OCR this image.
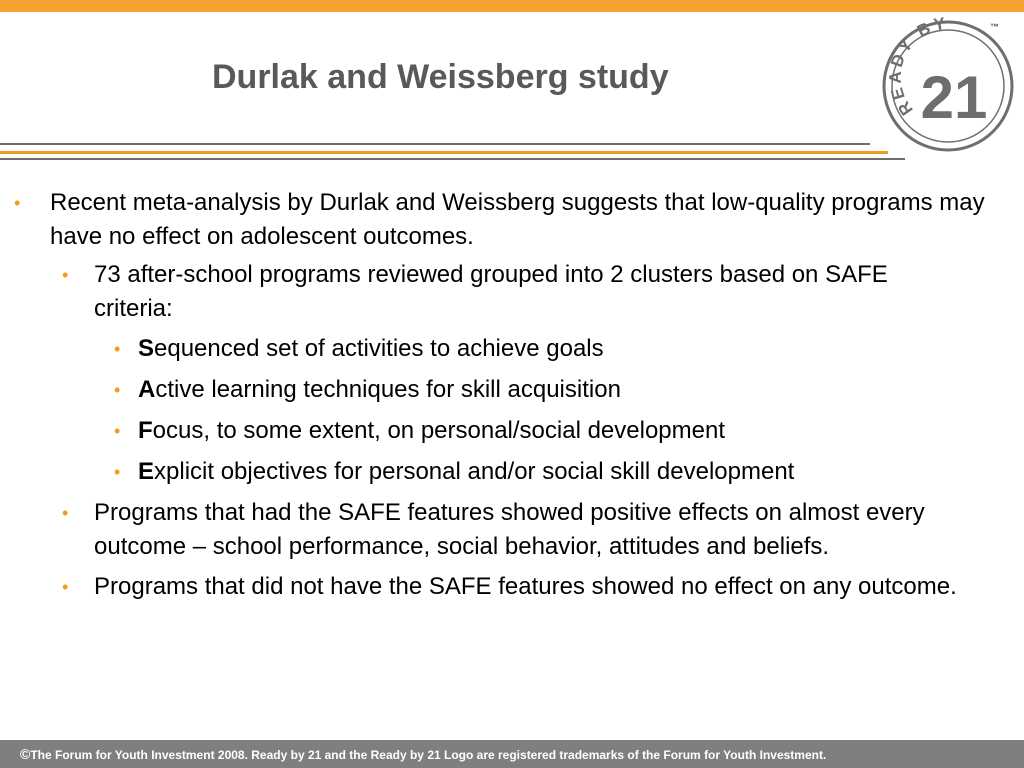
Durlak and Weissberg study
READY BY
21
™
• Recent meta-analysis by Durlak and Weissberg suggests that low-quality programs may have no effect on adolescent outcomes.
• 73 after-school programs reviewed grouped into 2 clusters based on SAFE criteria:
• Sequenced set of activities to achieve goals
• Active learning techniques for skill acquisition
• Focus, to some extent, on personal/social development
• Explicit objectives for personal and/or social skill development
• Programs that had the SAFE features showed positive effects on almost every outcome – school performance, social behavior, attitudes and beliefs.
• Programs that did not have the SAFE features showed no effect on any outcome.
©The Forum for Youth Investment 2008. Ready by 21 and the Ready by 21 Logo are registered trademarks of the Forum for Youth Investment.
